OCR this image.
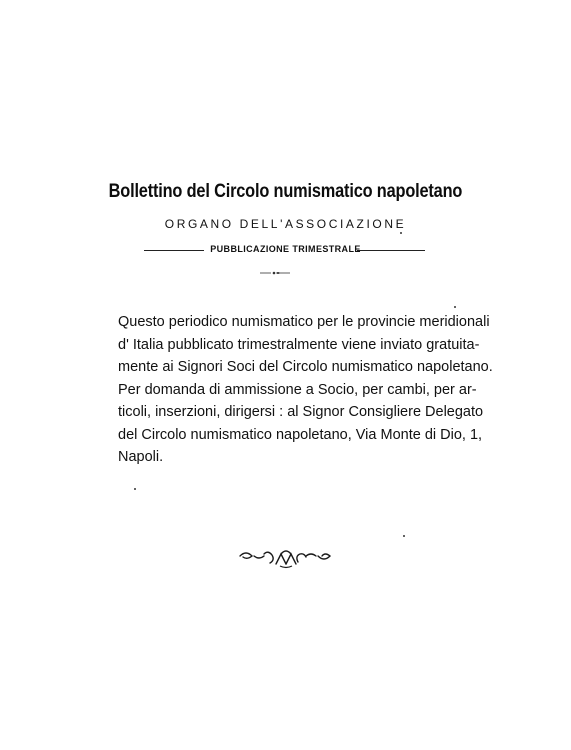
Bollettino del Circolo numismatico napoletano
ORGANO DELL'ASSOCIAZIONE
PUBBLICAZIONE TRIMESTRALE

Questo periodico numismatico per le provincie meridionali
d' Italia pubblicato trimestralmente viene inviato gratuita-
mente ai Signori Soci del Circolo numismatico napoletano.

Per domanda di ammissione a Socio, per cambi, per ar-
ticoli, inserzioni, dirigersi : al Signor Consigliere Delegato
del Circolo numismatico napoletano, Via Monte di Dio, 1,
Napoli.
